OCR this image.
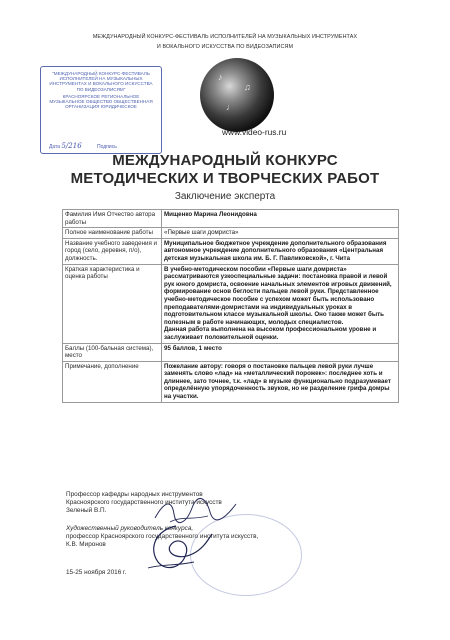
МЕЖДУНАРОДНЫЙ КОНКУРС-ФЕСТИВАЛЬ ИСПОЛНИТЕЛЕЙ НА МУЗЫКАЛЬНЫХ ИНСТРУМЕНТАХ
И ВОКАЛЬНОГО ИСКУССТВА ПО ВИДЕОЗАПИСЯМ
"МЕЖДУНАРОДНЫЙ КОНКУРС-ФЕСТИВАЛЬ
ИСПОЛНИТЕЛЕЙ НА МУЗЫКАЛЬНЫХ
ИНСТРУМЕНТАХ И ВОКАЛЬНОГО ИСКУССТВА
ПО ВИДЕОЗАПИСЯМ"
КРАСНОЯРСКОЕ РЕГИОНАЛЬНОЕ
МУЗЫКАЛЬНОЕ ОБЩЕСТВО ОБЩЕСТВЕННАЯ
ОРГАНИЗАЦИЯ ЮРИДИЧЕСКОЕ
Дата 5/216	Подпись
♪
♫
♩
www.video-rus.ru
МЕЖДУНАРОДНЫЙ КОНКУРС
МЕТОДИЧЕСКИХ И ТВОРЧЕСКИХ РАБОТ
Заключение эксперта
Фамилия Имя Отчество автора работы	Мищенко Марина Леонидовна
Полное наименование работы	«Первые шаги домриста»
Название учебного заведения и город (село, деревня, п/о), должность.	Муниципальное бюджетное учреждение дополнительного образования автономное учреждение дополнительного образования «Центральная детская музыкальная школа им. Б. Г. Павликовской», г. Чита
Краткая характеристика и оценка работы	В учебно-методическом пособии «Первые шаги домриста» рассматриваются узкоспециальные задачи: постановка правой и левой рук юного домриста, освоение начальных элементов игровых движений, формирование основ беглости пальцев левой руки. Представленное учебно-методическое пособие с успехом может быть использовано преподавателями-домристами на индивидуальных уроках в подготовительном классе музыкальной школы. Оно также может быть полезным в работе начинающих, молодых специалистов.
Данная работа выполнена на высоком профессиональном уровне и заслуживает положительной оценки.
Баллы (100-бальная система), место	95 баллов, 1 место
Примечание, дополнение	Пожелание автору: говоря о постановке пальцев левой руки лучше заменять слово «лад» на «металлический порожек»: последнее хоть и длиннее, зато точнее, т.к. «лад» в музыке функционально подразумевает определённую упорядоченность звуков, но не разделение грифа домры на участки.
Профессор кафедры народных инструментов
Красноярского государственного института искусств
Зеленый В.П.
Художественный руководитель конкурса,
профессор Красноярского государственного института искусств,
К.В. Миронов
15-25 ноября 2016 г.
